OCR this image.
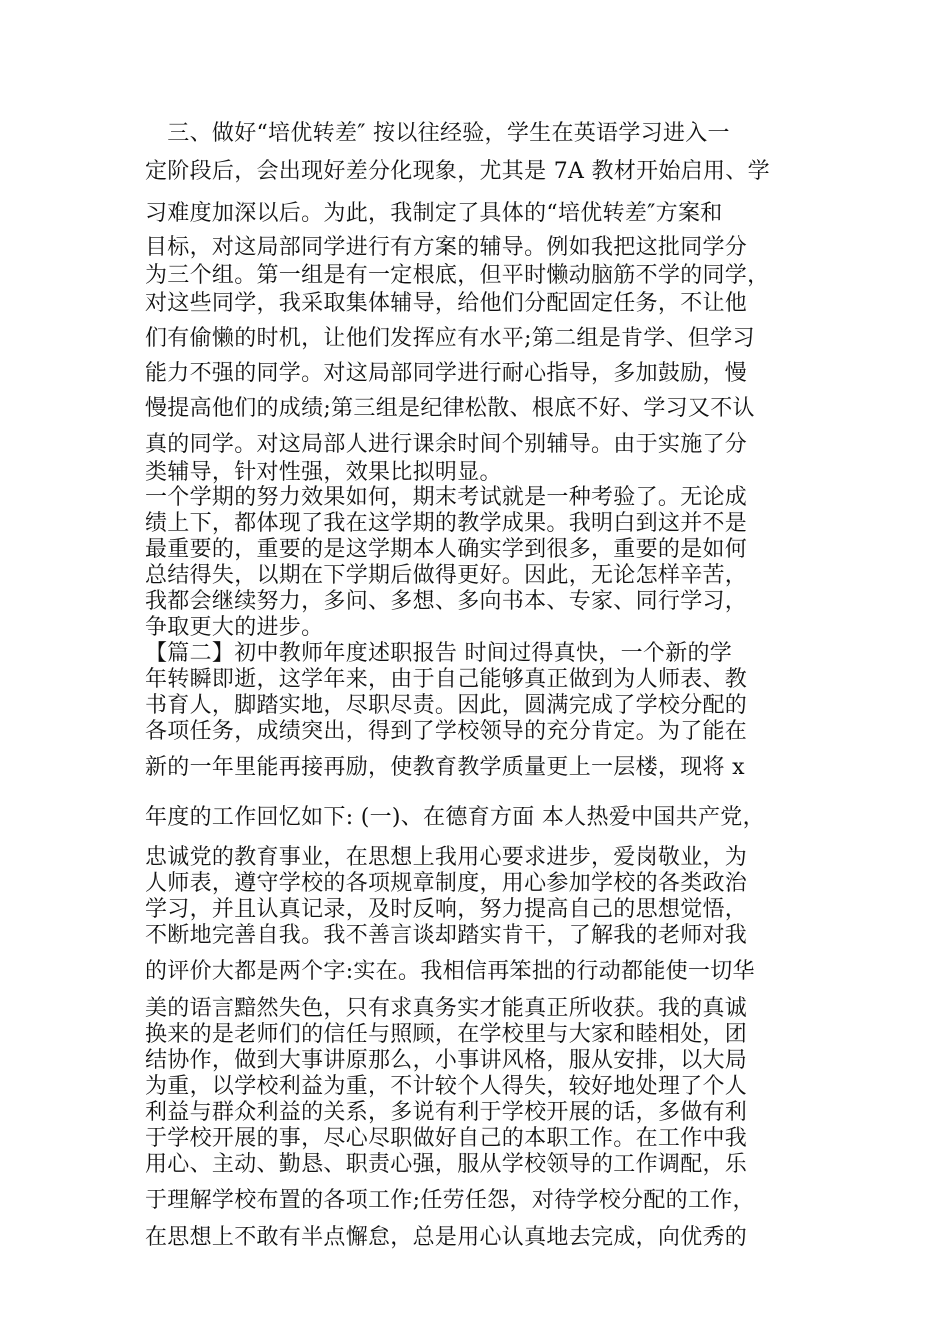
　三、做好“培优转差″ 按以往经验，学生在英语学习进入一

定阶段后，会出现好差分化现象，尤其是 7A 教材开始启用、学

习难度加深以后。为此，我制定了具体的“培优转差″方案和

目标，对这局部同学进行有方案的辅导。例如我把这批同学分

为三个组。第一组是有一定根底，但平时懒动脑筋不学的同学，

对这些同学，我采取集体辅导，给他们分配固定任务，不让他

们有偷懒的时机，让他们发挥应有水平;第二组是肯学、但学习

能力不强的同学。对这局部同学进行耐心指导，多加鼓励，慢

慢提高他们的成绩;第三组是纪律松散、根底不好、学习又不认

真的同学。对这局部人进行课余时间个别辅导。由于实施了分

类辅导，针对性强，效果比拟明显。

一个学期的努力效果如何，期末考试就是一种考验了。无论成

绩上下，都体现了我在这学期的教学成果。我明白到这并不是

最重要的，重要的是这学期本人确实学到很多，重要的是如何

总结得失，以期在下学期后做得更好。因此，无论怎样辛苦，

我都会继续努力，多问、多想、多向书本、专家、同行学习，

争取更大的进步。

【篇二】初中教师年度述职报告 时间过得真快，一个新的学

年转瞬即逝，这学年来，由于自己能够真正做到为人师表、教

书育人，脚踏实地，尽职尽责。因此，圆满完成了学校分配的

各项任务，成绩突出，得到了学校领导的充分肯定。为了能在

新的一年里能再接再励，使教育教学质量更上一层楼，现将 x

年度的工作回忆如下: (一)、在德育方面 本人热爱中国共产党，

忠诚党的教育事业，在思想上我用心要求进步，爱岗敬业，为

人师表，遵守学校的各项规章制度，用心参加学校的各类政治

学习，并且认真记录，及时反响，努力提高自己的思想觉悟，

不断地完善自我。我不善言谈却踏实肯干，了解我的老师对我

的评价大都是两个字:实在。我相信再笨拙的行动都能使一切华

美的语言黯然失色，只有求真务实才能真正所收获。我的真诚

换来的是老师们的信任与照顾，在学校里与大家和睦相处，团

结协作，做到大事讲原那么，小事讲风格，服从安排，以大局

为重，以学校利益为重，不计较个人得失，较好地处理了个人

利益与群众利益的关系，多说有利于学校开展的话，多做有利

于学校开展的事，尽心尽职做好自己的本职工作。在工作中我

用心、主动、勤恳、职责心强，服从学校领导的工作调配，乐

于理解学校布置的各项工作;任劳任怨，对待学校分配的工作，

在思想上不敢有半点懈怠，总是用心认真地去完成，向优秀的
